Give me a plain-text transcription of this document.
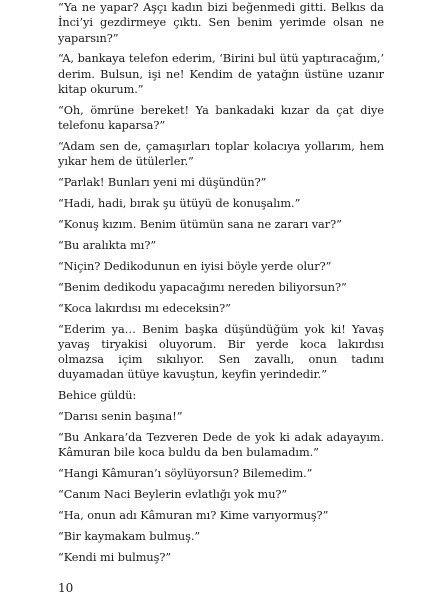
“Ya ne yapar? Aşçı kadın bizi beğenmedi gitti. Belkıs da İnci’yi gezdirmeye çıktı. Sen benim yerimde olsan ne yaparsın?”

“A, bankaya telefon ederim, ‘Birini bul ütü yaptıracağım,’ derim. Bulsun, işi ne! Kendim de yatağın üstüne uzanır kitap okurum.”

“Oh, ömrüne bereket! Ya bankadaki kızar da çat diye telefonu kaparsa?”

“Adam sen de, çamaşırları toplar kolacıya yollarım, hem yıkar hem de ütülerler.”

“Parlak! Bunları yeni mi düşündün?”

“Hadi, hadi, bırak şu ütüyü de konuşalım.”

“Konuş kızım. Benim ütümün sana ne zararı var?”

“Bu aralıkta mı?”

“Niçin? Dedikodunun en iyisi böyle yerde olur?”

“Benim dedikodu yapacağımı nereden biliyorsun?”

“Koca lakırdısı mı edeceksin?”

“Ederim ya… Benim başka düşündüğüm yok ki! Yavaş yavaş tiryakisi oluyorum. Bir yerde koca lakırdısı olmazsa içim sıkılıyor. Sen zavallı, onun tadını duyamadan ütüye kavuştun, keyfin yerindedir.”

Behice güldü:

“Darısı senin başına!”

“Bu Ankara’da Tezveren Dede de yok ki adak adayayım. Kâmuran bile koca buldu da ben bulamadım.”

“Hangi Kâmuran’ı söylüyorsun? Bilemedim.”

“Canım Naci Beylerin evlatlığı yok mu?”

“Ha, onun adı Kâmuran mı? Kime varıyormuş?”

“Bir kaymakam bulmuş.”

“Kendi mi bulmuş?”

10
